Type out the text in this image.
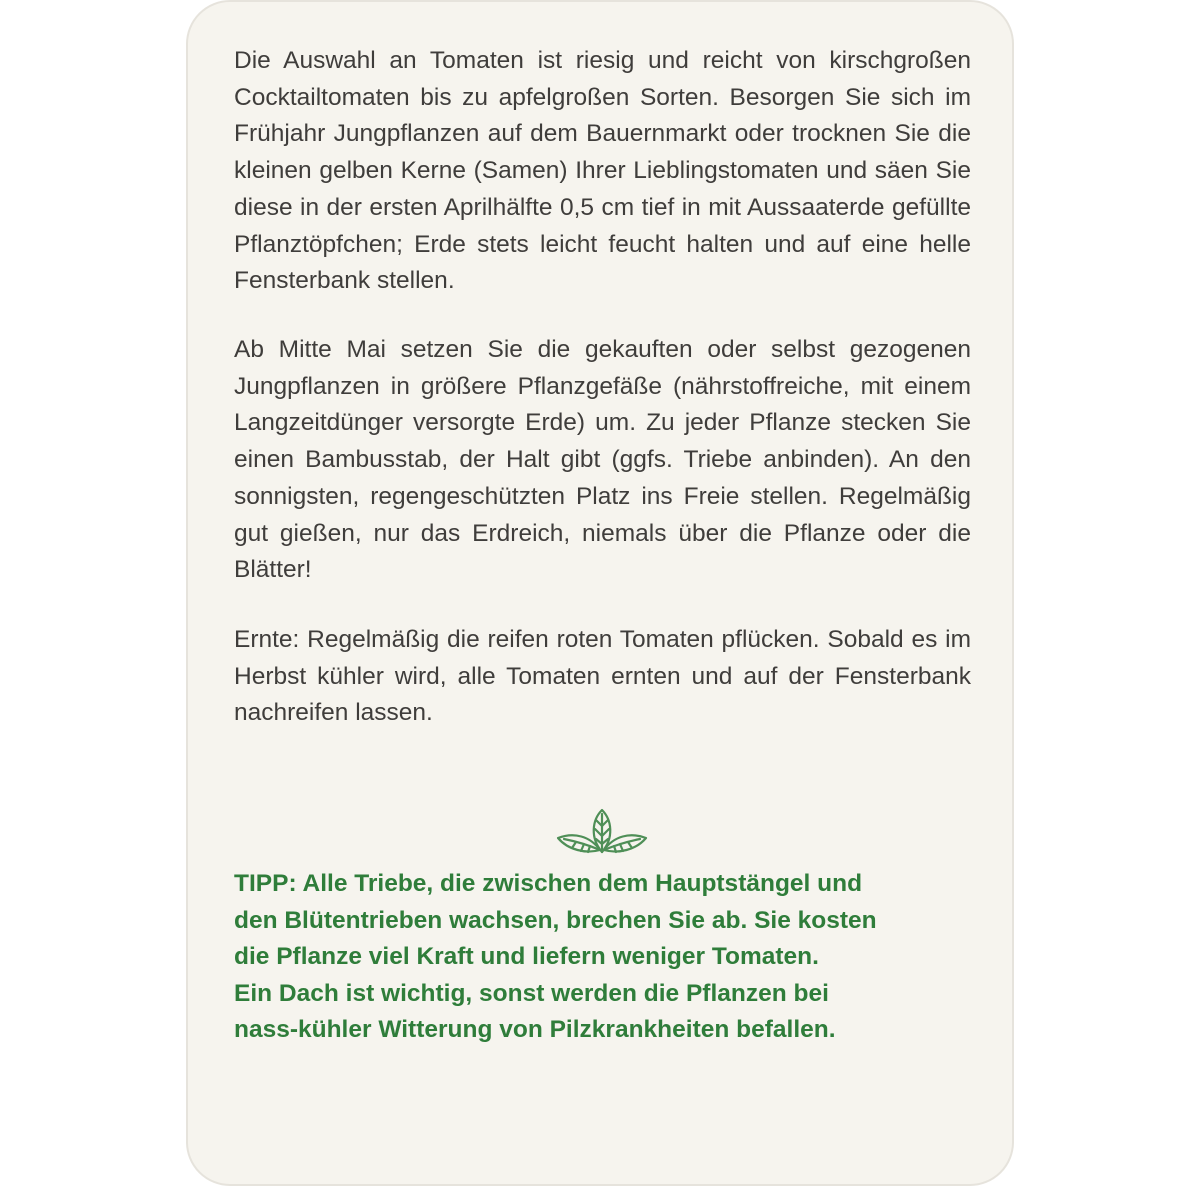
Die Auswahl an Tomaten ist riesig und reicht von kirschgroßen Cocktailtomaten bis zu apfelgroßen Sorten. Besorgen Sie sich im Frühjahr Jungpflanzen auf dem Bauernmarkt oder trocknen Sie die kleinen gelben Kerne (Samen) Ihrer Lieblingstomaten und säen Sie diese in der ersten Aprilhälfte 0,5 cm tief in mit Aussaaterde gefüllte Pflanztöpfchen; Erde stets leicht feucht halten und auf eine helle Fensterbank stellen.

Ab Mitte Mai setzen Sie die gekauften oder selbst gezogenen Jungpflanzen in größere Pflanzgefäße (nährstoffreiche, mit einem Langzeitdünger versorgte Erde) um. Zu jeder Pflanze stecken Sie einen Bambusstab, der Halt gibt (ggfs. Triebe anbinden). An den sonnigsten, regengeschützten Platz ins Freie stellen. Regelmäßig gut gießen, nur das Erdreich, niemals über die Pflanze oder die Blätter!

Ernte: Regelmäßig die reifen roten Tomaten pflücken. Sobald es im Herbst kühler wird, alle Tomaten ernten und auf der Fensterbank nachreifen lassen.

TIPP: Alle Triebe, die zwischen dem Hauptstängel und
den Blütentrieben wachsen, brechen Sie ab. Sie kosten
die Pflanze viel Kraft und liefern weniger Tomaten.
Ein Dach ist wichtig, sonst werden die Pflanzen bei
nass-kühler Witterung von Pilzkrankheiten befallen.
